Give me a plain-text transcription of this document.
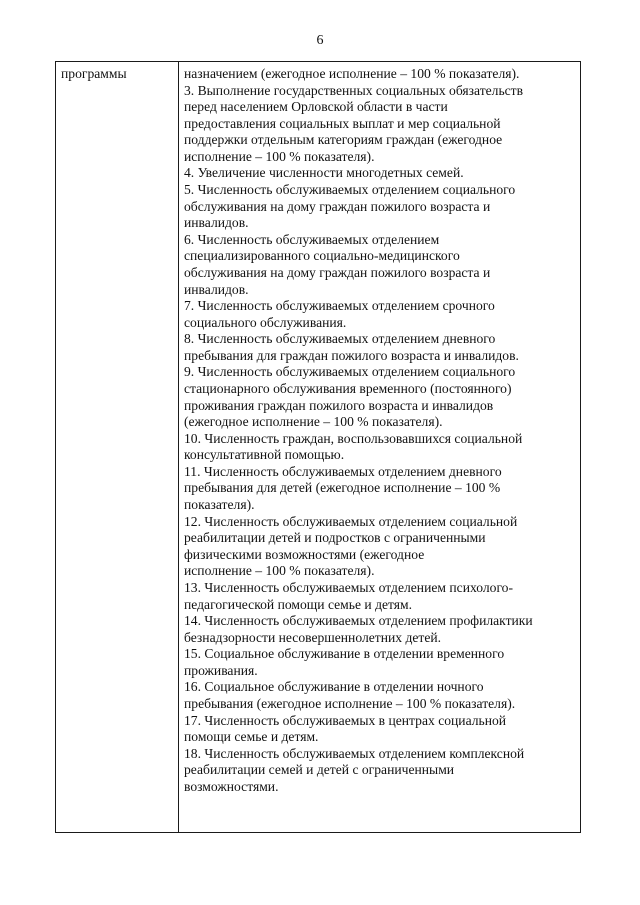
6
программы	назначением (ежегодное исполнение – 100 % показателя).
3. Выполнение государственных социальных обязательств
перед населением Орловской области в части
предоставления социальных выплат и мер социальной
поддержки отдельным категориям граждан (ежегодное
исполнение – 100 % показателя).
4. Увеличение численности многодетных семей.
5. Численность обслуживаемых отделением социального
обслуживания на дому граждан пожилого возраста и
инвалидов.
6. Численность обслуживаемых отделением
специализированного социально-медицинского
обслуживания на дому граждан пожилого возраста и
инвалидов.
7. Численность обслуживаемых отделением срочного
социального обслуживания.
8. Численность обслуживаемых отделением дневного
пребывания для граждан пожилого возраста и инвалидов.
9. Численность обслуживаемых отделением социального
стационарного обслуживания временного (постоянного)
проживания граждан пожилого возраста и инвалидов
(ежегодное исполнение – 100 % показателя).
10. Численность граждан, воспользовавшихся социальной
консультативной помощью.
11. Численность обслуживаемых отделением дневного
пребывания для детей (ежегодное исполнение – 100 %
показателя).
12. Численность обслуживаемых отделением социальной
реабилитации детей и подростков с ограниченными
физическими возможностями (ежегодное
исполнение – 100 % показателя).
13. Численность обслуживаемых отделением психолого-
педагогической помощи семье и детям.
14. Численность обслуживаемых отделением профилактики
безнадзорности несовершеннолетних детей.
15. Социальное обслуживание в отделении временного
проживания.
16. Социальное обслуживание в отделении ночного
пребывания (ежегодное исполнение – 100 % показателя).
17. Численность обслуживаемых в центрах социальной
помощи семье и детям.
18. Численность обслуживаемых отделением комплексной
реабилитации семей и детей с ограниченными
возможностями.
